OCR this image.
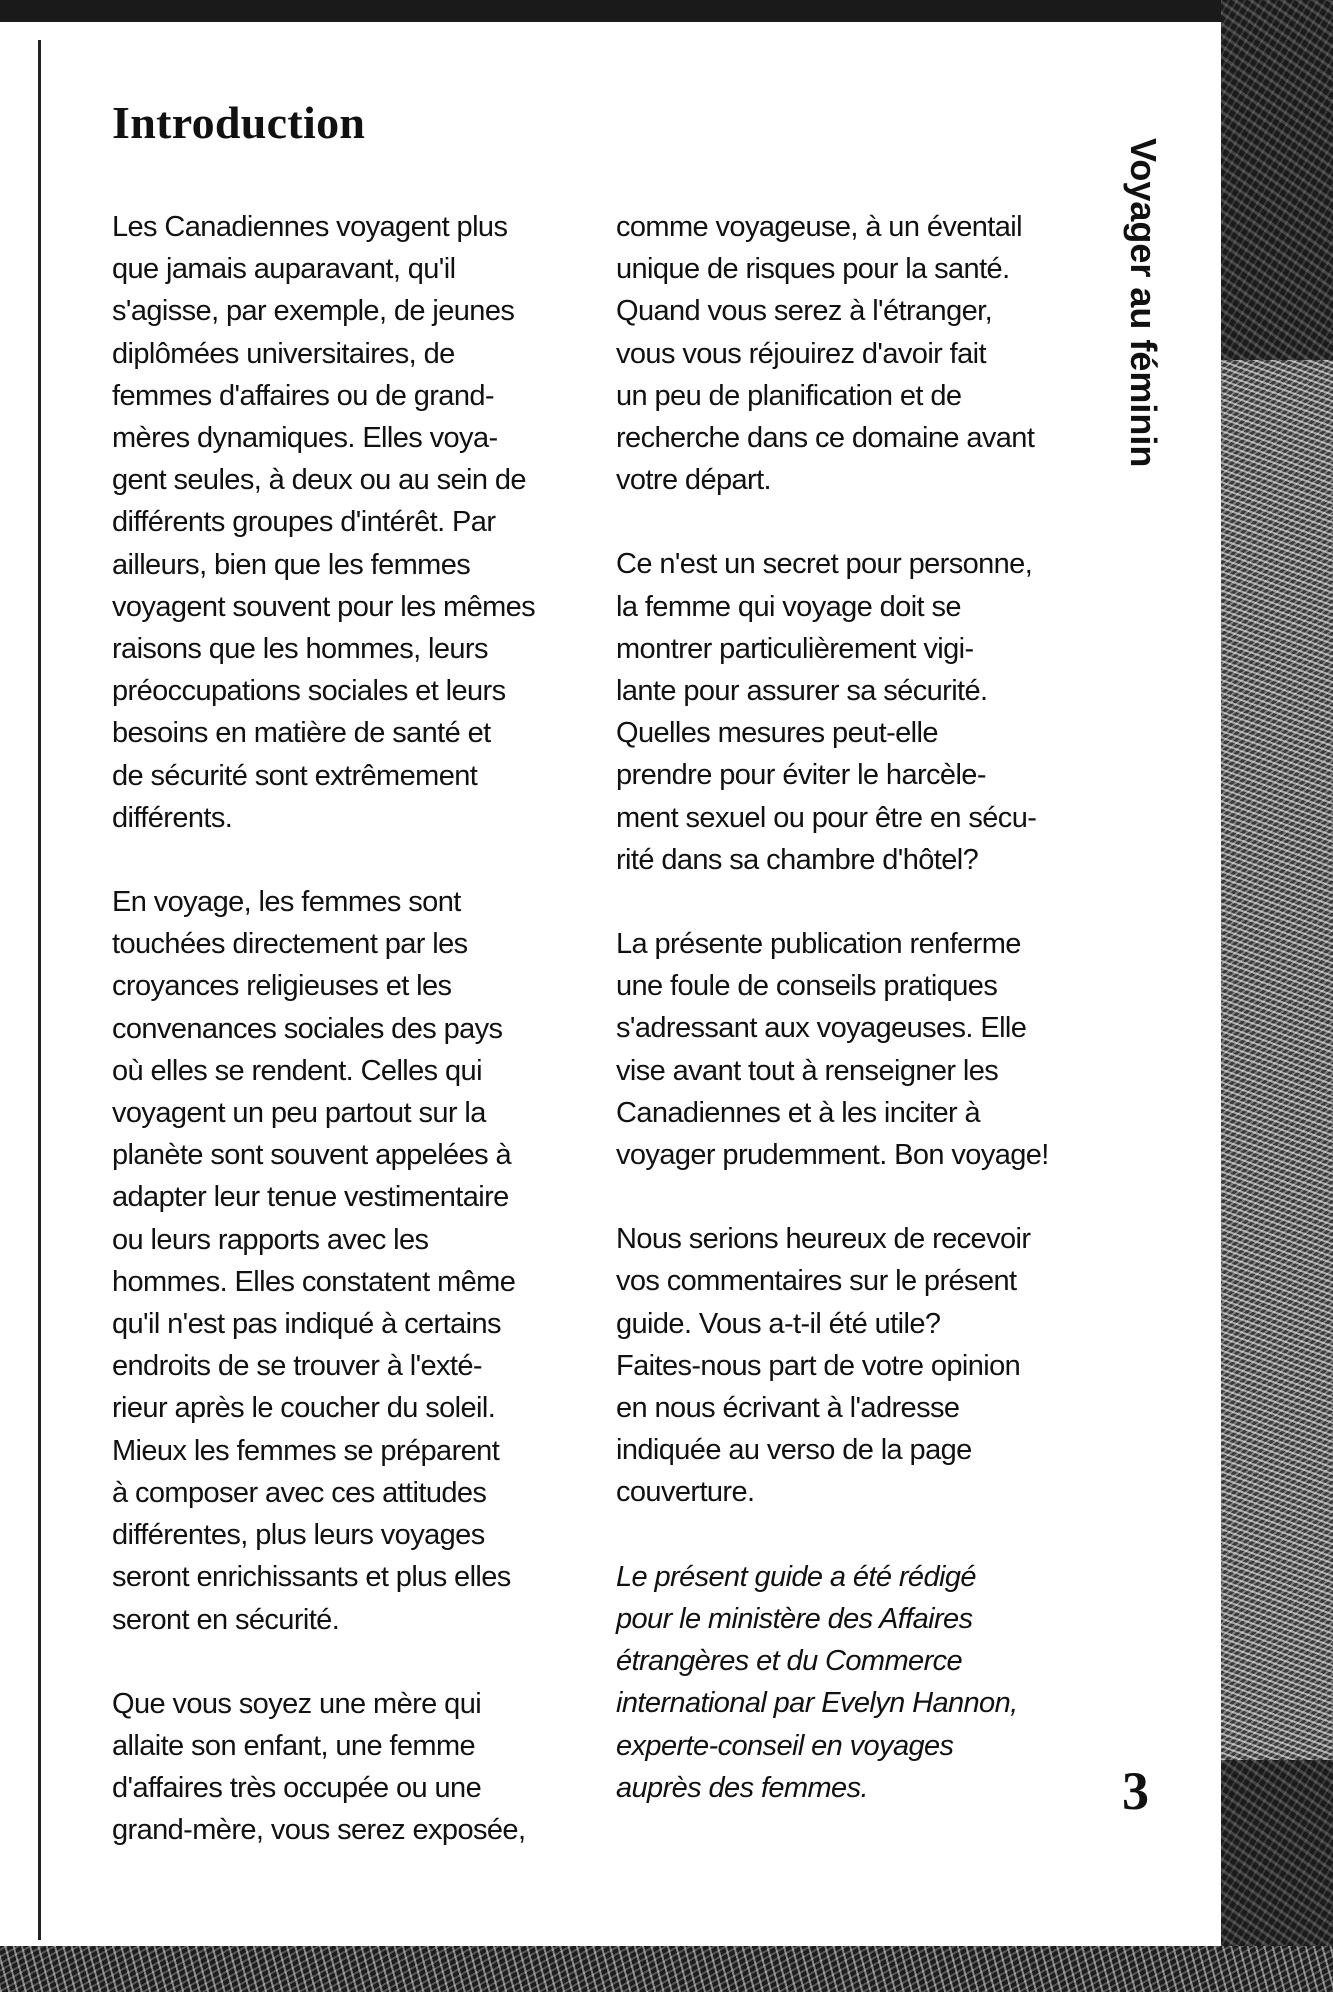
Introduction

Les Canadiennes voyagent plus
que jamais auparavant, qu'il
s'agisse, par exemple, de jeunes
diplômées universitaires, de
femmes d'affaires ou de grand-
mères dynamiques. Elles voya-
gent seules, à deux ou au sein de
différents groupes d'intérêt. Par
ailleurs, bien que les femmes
voyagent souvent pour les mêmes
raisons que les hommes, leurs
préoccupations sociales et leurs
besoins en matière de santé et
de sécurité sont extrêmement
différents.

En voyage, les femmes sont
touchées directement par les
croyances religieuses et les
convenances sociales des pays
où elles se rendent. Celles qui
voyagent un peu partout sur la
planète sont souvent appelées à
adapter leur tenue vestimentaire
ou leurs rapports avec les
hommes. Elles constatent même
qu'il n'est pas indiqué à certains
endroits de se trouver à l'exté-
rieur après le coucher du soleil.
Mieux les femmes se préparent
à composer avec ces attitudes
différentes, plus leurs voyages
seront enrichissants et plus elles
seront en sécurité.

Que vous soyez une mère qui
allaite son enfant, une femme
d'affaires très occupée ou une
grand-mère, vous serez exposée,

comme voyageuse, à un éventail
unique de risques pour la santé.
Quand vous serez à l'étranger,
vous vous réjouirez d'avoir fait
un peu de planification et de
recherche dans ce domaine avant
votre départ.

Ce n'est un secret pour personne,
la femme qui voyage doit se
montrer particulièrement vigi-
lante pour assurer sa sécurité.
Quelles mesures peut-elle
prendre pour éviter le harcèle-
ment sexuel ou pour être en sécu-
rité dans sa chambre d'hôtel?

La présente publication renferme
une foule de conseils pratiques
s'adressant aux voyageuses. Elle
vise avant tout à renseigner les
Canadiennes et à les inciter à
voyager prudemment. Bon voyage!

Nous serions heureux de recevoir
vos commentaires sur le présent
guide. Vous a-t-il été utile?
Faites-nous part de votre opinion
en nous écrivant à l'adresse
indiquée au verso de la page
couverture.

Le présent guide a été rédigé
pour le ministère des Affaires
étrangères et du Commerce
international par Evelyn Hannon,
experte-conseil en voyages
auprès des femmes.

Voyager au féminin
3
